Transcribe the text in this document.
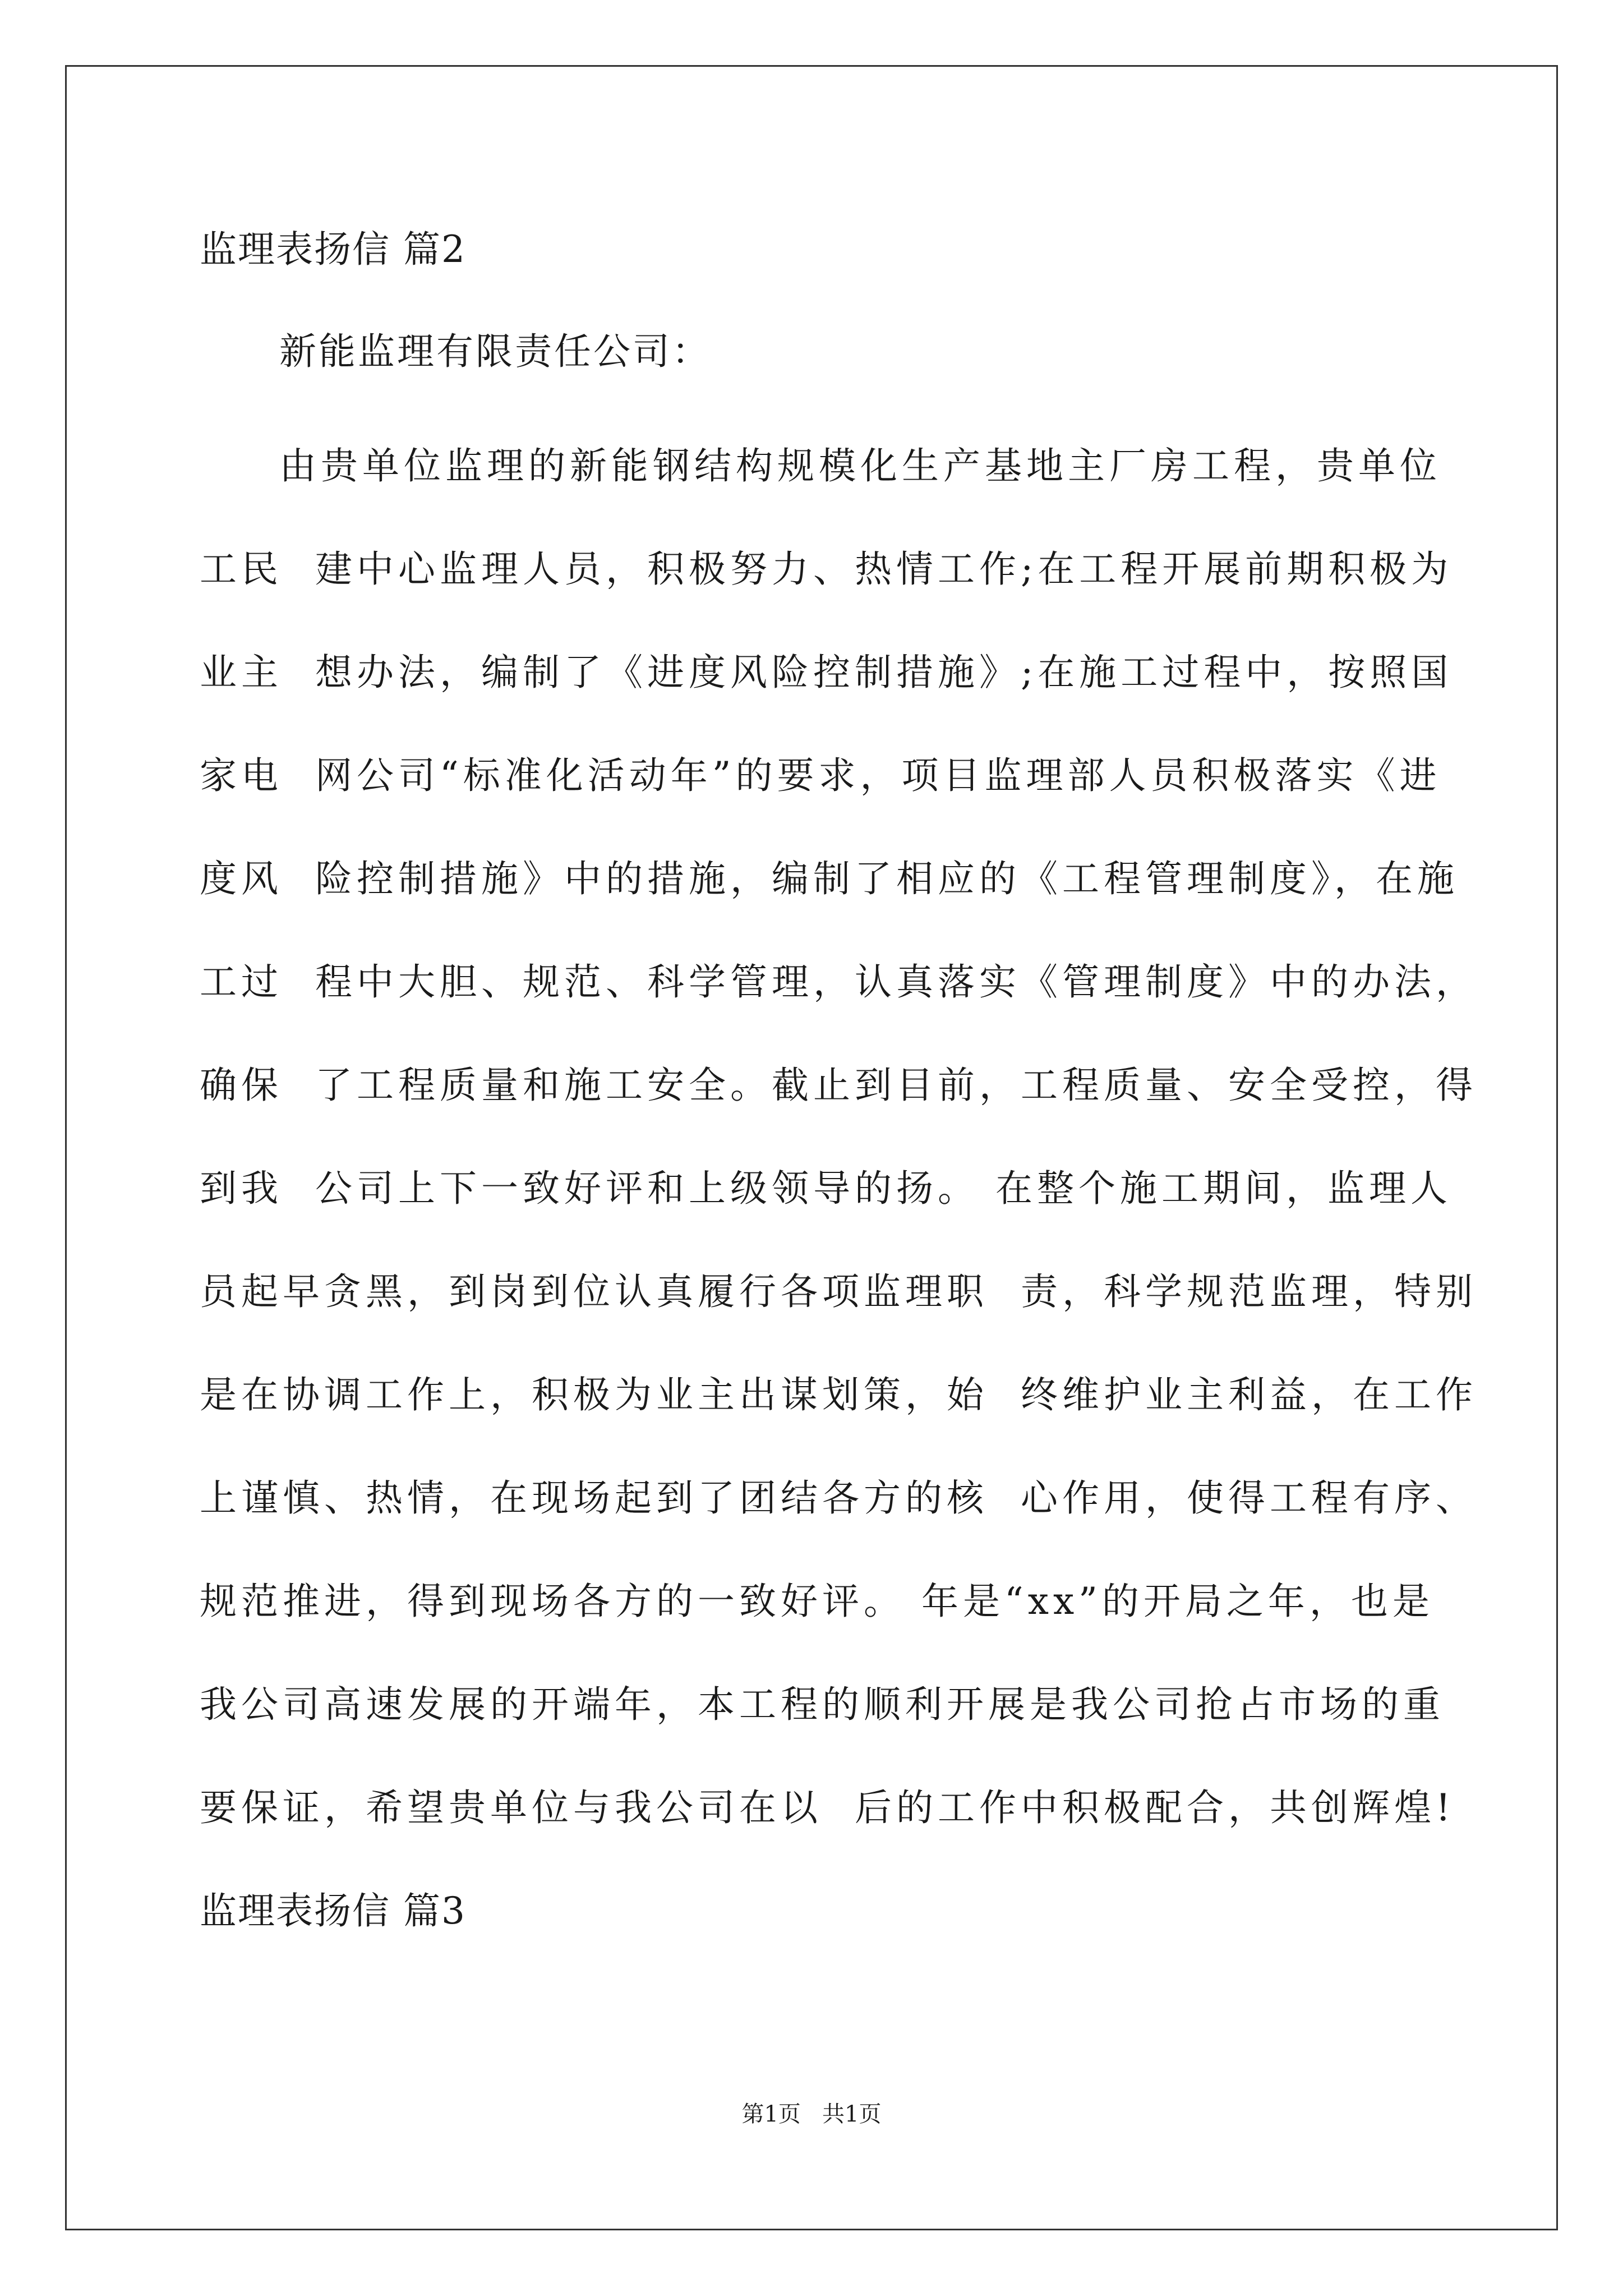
监理表扬信 篇2
新能监理有限责任公司：
由贵单位监理的新能钢结构规模化生产基地主厂房工程，贵单位
工民  建中心监理人员，积极努力、热情工作;在工程开展前期积极为
业主  想办法，编制了《进度风险控制措施》;在施工过程中，按照国
家电  网公司“标准化活动年”的要求，项目监理部人员积极落实《进
度风  险控制措施》中的措施，编制了相应的《工程管理制度》，在施
工过  程中大胆、规范、科学管理，认真落实《管理制度》中的办法，
确保  了工程质量和施工安全。截止到目前，工程质量、安全受控，得
到我  公司上下一致好评和上级领导的扬。 在整个施工期间，监理人
员起早贪黑，到岗到位认真履行各项监理职  责，科学规范监理，特别
是在协调工作上，积极为业主出谋划策，始  终维护业主利益，在工作
上谨慎、热情，在现场起到了团结各方的核  心作用，使得工程有序、
规范推进，得到现场各方的一致好评。 年是“xx”的开局之年，也是
我公司高速发展的开端年，本工程的顺利开展是我公司抢占市场的重
要保证，希望贵单位与我公司在以  后的工作中积极配合，共创辉煌!
监理表扬信 篇3
第1页   共1页
